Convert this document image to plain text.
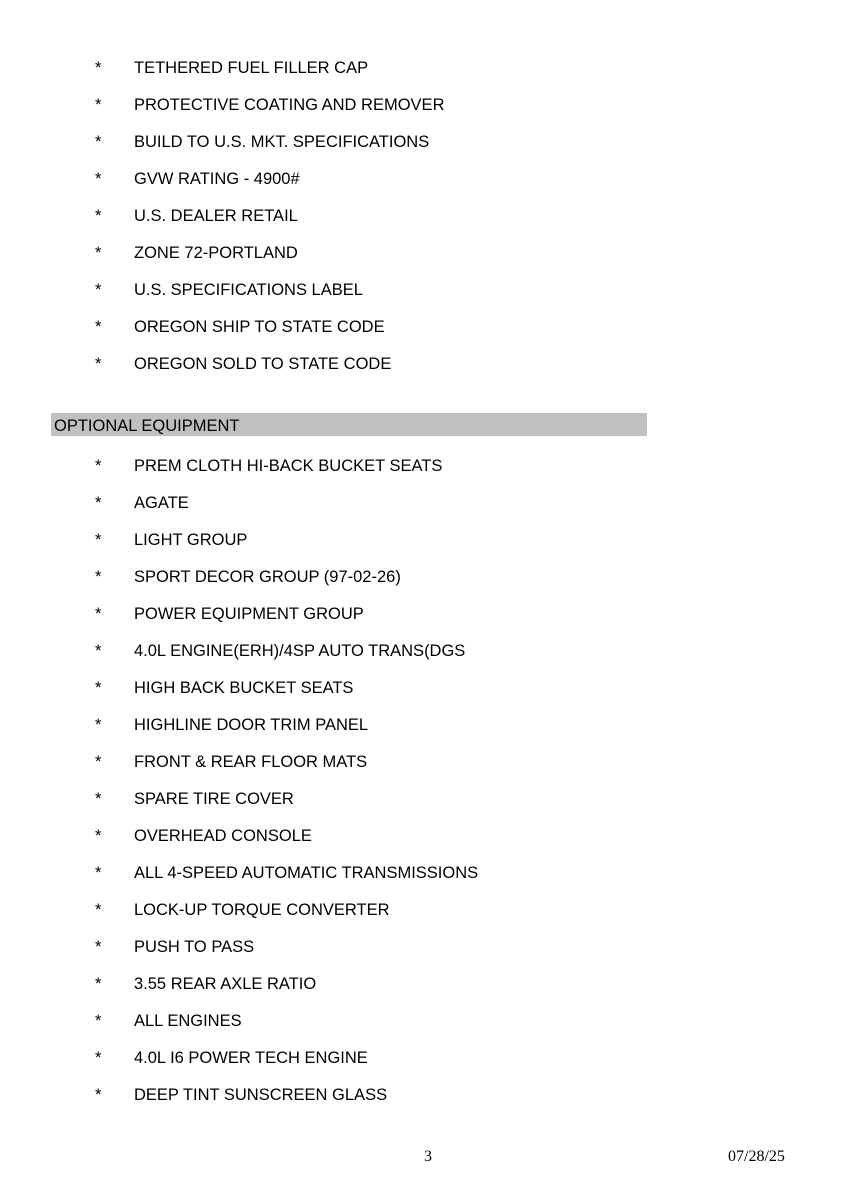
* TETHERED FUEL FILLER CAP
* PROTECTIVE COATING AND REMOVER
* BUILD TO U.S. MKT. SPECIFICATIONS
* GVW RATING - 4900#
* U.S. DEALER RETAIL
* ZONE 72-PORTLAND
* U.S. SPECIFICATIONS LABEL
* OREGON SHIP TO STATE CODE
* OREGON SOLD TO STATE CODE
OPTIONAL EQUIPMENT
* PREM CLOTH HI-BACK BUCKET SEATS
* AGATE
* LIGHT GROUP
* SPORT DECOR GROUP (97-02-26)
* POWER EQUIPMENT GROUP
* 4.0L ENGINE(ERH)/4SP AUTO TRANS(DGS
* HIGH BACK BUCKET SEATS
* HIGHLINE DOOR TRIM PANEL
* FRONT & REAR FLOOR MATS
* SPARE TIRE COVER
* OVERHEAD CONSOLE
* ALL 4-SPEED AUTOMATIC TRANSMISSIONS
* LOCK-UP TORQUE CONVERTER
* PUSH TO PASS
* 3.55 REAR AXLE RATIO
* ALL ENGINES
* 4.0L I6 POWER TECH ENGINE
* DEEP TINT SUNSCREEN GLASS
3	07/28/25
